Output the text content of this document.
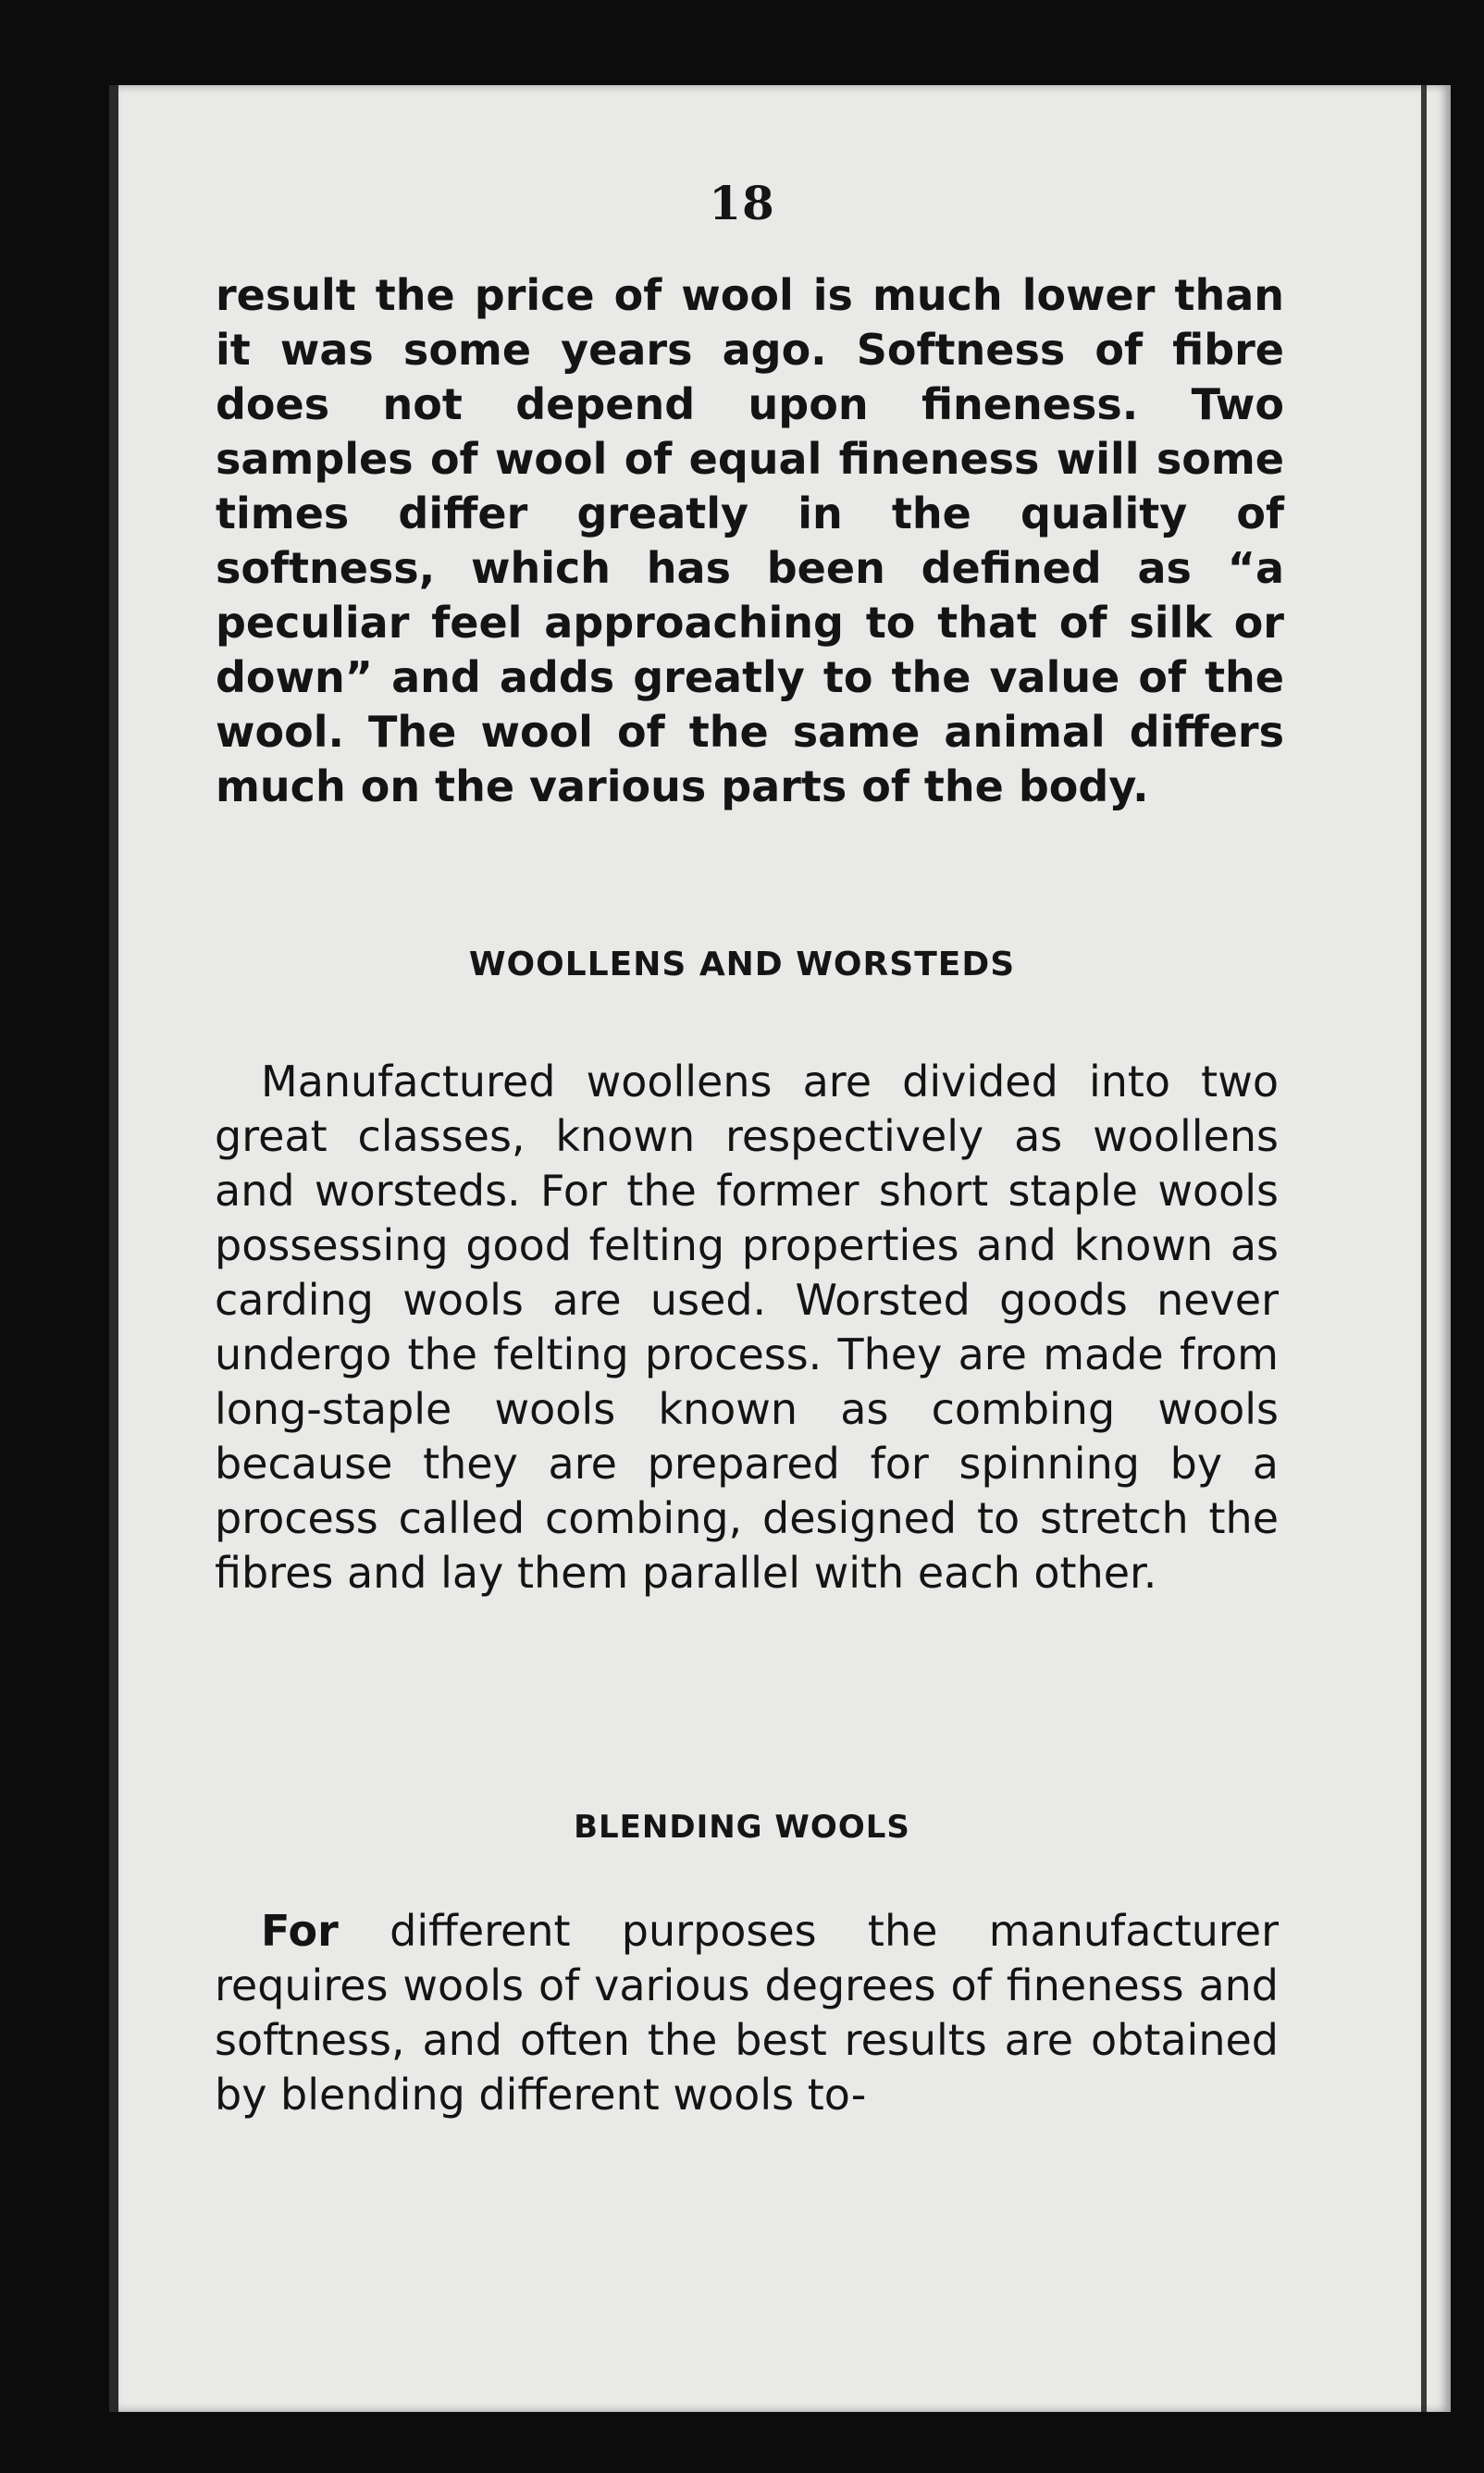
18

result the price of wool is much lower than it was some years ago. Softness of fibre does not depend upon fineness. Two samples of wool of equal fineness will some times differ greatly in the quality of softness, which has been defined as “a peculiar feel approaching to that of silk or down” and adds greatly to the value of the wool. The wool of the same animal differs much on the various parts of the body.

WOOLLENS AND WORSTEDS

Manufactured woollens are divided into two great classes, known respectively as woollens and worsteds. For the former short staple wools possessing good felting properties and known as carding wools are used. Worsted goods never undergo the felting process. They are made from long-staple wools known as combing wools because they are prepared for spinning by a process called combing, designed to stretch the fibres and lay them parallel with each other.

BLENDING WOOLS

For different purposes the manufacturer requires wools of various degrees of fineness and softness, and often the best results are obtained by blending different wools to-
